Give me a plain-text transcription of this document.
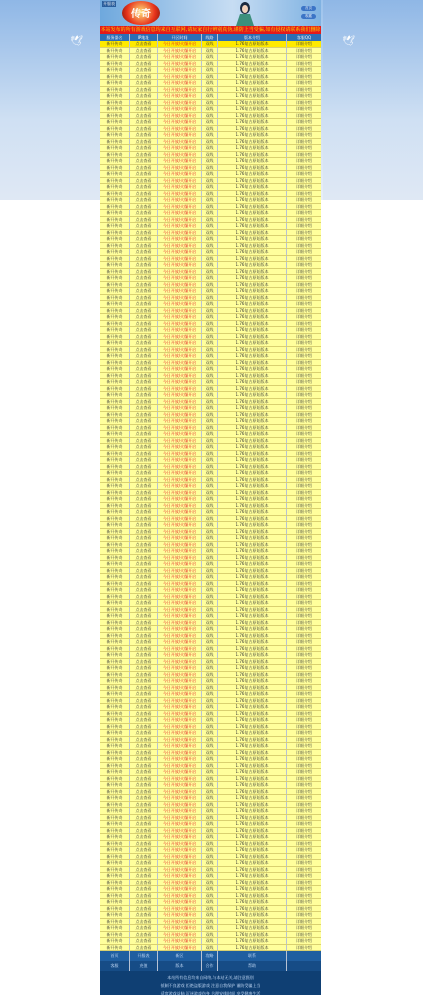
🕊	🕊
开服表
传奇
首页
收藏
本站发布的所有游戏信息均来自互联网,请玩家自行辨别真伪,谨防上当受骗,如有侵权请联系我们删除
服务器名	IP地址	开区时间	线路	版本介绍	客服QQ
新开传奇	点击查看	今日开放/火爆开启	双线	1.76复古原始版本	详细介绍
新开传奇	点击查看	今日开放/火爆开启	双线	1.76复古原始版本	详细介绍
新开传奇	点击查看	今日开放/火爆开启	双线	1.76复古原始版本	详细介绍
新开传奇	点击查看	今日开放/火爆开启	双线	1.76复古原始版本	详细介绍
新开传奇	点击查看	今日开放/火爆开启	双线	1.76复古原始版本	详细介绍
新开传奇	点击查看	今日开放/火爆开启	双线	1.76复古原始版本	详细介绍
新开传奇	点击查看	今日开放/火爆开启	双线	1.76复古原始版本	详细介绍
新开传奇	点击查看	今日开放/火爆开启	双线	1.76复古原始版本	详细介绍
新开传奇	点击查看	今日开放/火爆开启	双线	1.76复古原始版本	详细介绍
新开传奇	点击查看	今日开放/火爆开启	双线	1.76复古原始版本	详细介绍
新开传奇	点击查看	今日开放/火爆开启	双线	1.76复古原始版本	详细介绍
新开传奇	点击查看	今日开放/火爆开启	双线	1.76复古原始版本	详细介绍
新开传奇	点击查看	今日开放/火爆开启	双线	1.76复古原始版本	详细介绍
新开传奇	点击查看	今日开放/火爆开启	双线	1.76复古原始版本	详细介绍
新开传奇	点击查看	今日开放/火爆开启	双线	1.76复古原始版本	详细介绍
新开传奇	点击查看	今日开放/火爆开启	双线	1.76复古原始版本	详细介绍
新开传奇	点击查看	今日开放/火爆开启	双线	1.76复古原始版本	详细介绍
新开传奇	点击查看	今日开放/火爆开启	双线	1.76复古原始版本	详细介绍
新开传奇	点击查看	今日开放/火爆开启	双线	1.76复古原始版本	详细介绍
新开传奇	点击查看	今日开放/火爆开启	双线	1.76复古原始版本	详细介绍
新开传奇	点击查看	今日开放/火爆开启	双线	1.76复古原始版本	详细介绍
新开传奇	点击查看	今日开放/火爆开启	双线	1.76复古原始版本	详细介绍
新开传奇	点击查看	今日开放/火爆开启	双线	1.76复古原始版本	详细介绍
新开传奇	点击查看	今日开放/火爆开启	双线	1.76复古原始版本	详细介绍
新开传奇	点击查看	今日开放/火爆开启	双线	1.76复古原始版本	详细介绍
新开传奇	点击查看	今日开放/火爆开启	双线	1.76复古原始版本	详细介绍
新开传奇	点击查看	今日开放/火爆开启	双线	1.76复古原始版本	详细介绍
新开传奇	点击查看	今日开放/火爆开启	双线	1.76复古原始版本	详细介绍
新开传奇	点击查看	今日开放/火爆开启	双线	1.76复古原始版本	详细介绍
新开传奇	点击查看	今日开放/火爆开启	双线	1.76复古原始版本	详细介绍
新开传奇	点击查看	今日开放/火爆开启	双线	1.76复古原始版本	详细介绍
新开传奇	点击查看	今日开放/火爆开启	双线	1.76复古原始版本	详细介绍
新开传奇	点击查看	今日开放/火爆开启	双线	1.76复古原始版本	详细介绍
新开传奇	点击查看	今日开放/火爆开启	双线	1.76复古原始版本	详细介绍
新开传奇	点击查看	今日开放/火爆开启	双线	1.76复古原始版本	详细介绍
新开传奇	点击查看	今日开放/火爆开启	双线	1.76复古原始版本	详细介绍
新开传奇	点击查看	今日开放/火爆开启	双线	1.76复古原始版本	详细介绍
新开传奇	点击查看	今日开放/火爆开启	双线	1.76复古原始版本	详细介绍
新开传奇	点击查看	今日开放/火爆开启	双线	1.76复古原始版本	详细介绍
新开传奇	点击查看	今日开放/火爆开启	双线	1.76复古原始版本	详细介绍
新开传奇	点击查看	今日开放/火爆开启	双线	1.76复古原始版本	详细介绍
新开传奇	点击查看	今日开放/火爆开启	双线	1.76复古原始版本	详细介绍
新开传奇	点击查看	今日开放/火爆开启	双线	1.76复古原始版本	详细介绍
新开传奇	点击查看	今日开放/火爆开启	双线	1.76复古原始版本	详细介绍
新开传奇	点击查看	今日开放/火爆开启	双线	1.76复古原始版本	详细介绍
新开传奇	点击查看	今日开放/火爆开启	双线	1.76复古原始版本	详细介绍
新开传奇	点击查看	今日开放/火爆开启	双线	1.76复古原始版本	详细介绍
新开传奇	点击查看	今日开放/火爆开启	双线	1.76复古原始版本	详细介绍
新开传奇	点击查看	今日开放/火爆开启	双线	1.76复古原始版本	详细介绍
新开传奇	点击查看	今日开放/火爆开启	双线	1.76复古原始版本	详细介绍
新开传奇	点击查看	今日开放/火爆开启	双线	1.76复古原始版本	详细介绍
新开传奇	点击查看	今日开放/火爆开启	双线	1.76复古原始版本	详细介绍
新开传奇	点击查看	今日开放/火爆开启	双线	1.76复古原始版本	详细介绍
新开传奇	点击查看	今日开放/火爆开启	双线	1.76复古原始版本	详细介绍
新开传奇	点击查看	今日开放/火爆开启	双线	1.76复古原始版本	详细介绍
新开传奇	点击查看	今日开放/火爆开启	双线	1.76复古原始版本	详细介绍
新开传奇	点击查看	今日开放/火爆开启	双线	1.76复古原始版本	详细介绍
新开传奇	点击查看	今日开放/火爆开启	双线	1.76复古原始版本	详细介绍
新开传奇	点击查看	今日开放/火爆开启	双线	1.76复古原始版本	详细介绍
新开传奇	点击查看	今日开放/火爆开启	双线	1.76复古原始版本	详细介绍
新开传奇	点击查看	今日开放/火爆开启	双线	1.76复古原始版本	详细介绍
新开传奇	点击查看	今日开放/火爆开启	双线	1.76复古原始版本	详细介绍
新开传奇	点击查看	今日开放/火爆开启	双线	1.76复古原始版本	详细介绍
新开传奇	点击查看	今日开放/火爆开启	双线	1.76复古原始版本	详细介绍
新开传奇	点击查看	今日开放/火爆开启	双线	1.76复古原始版本	详细介绍
新开传奇	点击查看	今日开放/火爆开启	双线	1.76复古原始版本	详细介绍
新开传奇	点击查看	今日开放/火爆开启	双线	1.76复古原始版本	详细介绍
新开传奇	点击查看	今日开放/火爆开启	双线	1.76复古原始版本	详细介绍
新开传奇	点击查看	今日开放/火爆开启	双线	1.76复古原始版本	详细介绍
新开传奇	点击查看	今日开放/火爆开启	双线	1.76复古原始版本	详细介绍
新开传奇	点击查看	今日开放/火爆开启	双线	1.76复古原始版本	详细介绍
新开传奇	点击查看	今日开放/火爆开启	双线	1.76复古原始版本	详细介绍
新开传奇	点击查看	今日开放/火爆开启	双线	1.76复古原始版本	详细介绍
新开传奇	点击查看	今日开放/火爆开启	双线	1.76复古原始版本	详细介绍
新开传奇	点击查看	今日开放/火爆开启	双线	1.76复古原始版本	详细介绍
新开传奇	点击查看	今日开放/火爆开启	双线	1.76复古原始版本	详细介绍
新开传奇	点击查看	今日开放/火爆开启	双线	1.76复古原始版本	详细介绍
新开传奇	点击查看	今日开放/火爆开启	双线	1.76复古原始版本	详细介绍
新开传奇	点击查看	今日开放/火爆开启	双线	1.76复古原始版本	详细介绍
新开传奇	点击查看	今日开放/火爆开启	双线	1.76复古原始版本	详细介绍
新开传奇	点击查看	今日开放/火爆开启	双线	1.76复古原始版本	详细介绍
新开传奇	点击查看	今日开放/火爆开启	双线	1.76复古原始版本	详细介绍
新开传奇	点击查看	今日开放/火爆开启	双线	1.76复古原始版本	详细介绍
新开传奇	点击查看	今日开放/火爆开启	双线	1.76复古原始版本	详细介绍
新开传奇	点击查看	今日开放/火爆开启	双线	1.76复古原始版本	详细介绍
新开传奇	点击查看	今日开放/火爆开启	双线	1.76复古原始版本	详细介绍
新开传奇	点击查看	今日开放/火爆开启	双线	1.76复古原始版本	详细介绍
新开传奇	点击查看	今日开放/火爆开启	双线	1.76复古原始版本	详细介绍
新开传奇	点击查看	今日开放/火爆开启	双线	1.76复古原始版本	详细介绍
新开传奇	点击查看	今日开放/火爆开启	双线	1.76复古原始版本	详细介绍
新开传奇	点击查看	今日开放/火爆开启	双线	1.76复古原始版本	详细介绍
新开传奇	点击查看	今日开放/火爆开启	双线	1.76复古原始版本	详细介绍
新开传奇	点击查看	今日开放/火爆开启	双线	1.76复古原始版本	详细介绍
新开传奇	点击查看	今日开放/火爆开启	双线	1.76复古原始版本	详细介绍
新开传奇	点击查看	今日开放/火爆开启	双线	1.76复古原始版本	详细介绍
新开传奇	点击查看	今日开放/火爆开启	双线	1.76复古原始版本	详细介绍
新开传奇	点击查看	今日开放/火爆开启	双线	1.76复古原始版本	详细介绍
新开传奇	点击查看	今日开放/火爆开启	双线	1.76复古原始版本	详细介绍
新开传奇	点击查看	今日开放/火爆开启	双线	1.76复古原始版本	详细介绍
新开传奇	点击查看	今日开放/火爆开启	双线	1.76复古原始版本	详细介绍
新开传奇	点击查看	今日开放/火爆开启	双线	1.76复古原始版本	详细介绍
新开传奇	点击查看	今日开放/火爆开启	双线	1.76复古原始版本	详细介绍
新开传奇	点击查看	今日开放/火爆开启	双线	1.76复古原始版本	详细介绍
新开传奇	点击查看	今日开放/火爆开启	双线	1.76复古原始版本	详细介绍
新开传奇	点击查看	今日开放/火爆开启	双线	1.76复古原始版本	详细介绍
新开传奇	点击查看	今日开放/火爆开启	双线	1.76复古原始版本	详细介绍
新开传奇	点击查看	今日开放/火爆开启	双线	1.76复古原始版本	详细介绍
新开传奇	点击查看	今日开放/火爆开启	双线	1.76复古原始版本	详细介绍
新开传奇	点击查看	今日开放/火爆开启	双线	1.76复古原始版本	详细介绍
新开传奇	点击查看	今日开放/火爆开启	双线	1.76复古原始版本	详细介绍
新开传奇	点击查看	今日开放/火爆开启	双线	1.76复古原始版本	详细介绍
新开传奇	点击查看	今日开放/火爆开启	双线	1.76复古原始版本	详细介绍
新开传奇	点击查看	今日开放/火爆开启	双线	1.76复古原始版本	详细介绍
新开传奇	点击查看	今日开放/火爆开启	双线	1.76复古原始版本	详细介绍
新开传奇	点击查看	今日开放/火爆开启	双线	1.76复古原始版本	详细介绍
新开传奇	点击查看	今日开放/火爆开启	双线	1.76复古原始版本	详细介绍
新开传奇	点击查看	今日开放/火爆开启	双线	1.76复古原始版本	详细介绍
新开传奇	点击查看	今日开放/火爆开启	双线	1.76复古原始版本	详细介绍
新开传奇	点击查看	今日开放/火爆开启	双线	1.76复古原始版本	详细介绍
新开传奇	点击查看	今日开放/火爆开启	双线	1.76复古原始版本	详细介绍
新开传奇	点击查看	今日开放/火爆开启	双线	1.76复古原始版本	详细介绍
新开传奇	点击查看	今日开放/火爆开启	双线	1.76复古原始版本	详细介绍
新开传奇	点击查看	今日开放/火爆开启	双线	1.76复古原始版本	详细介绍
新开传奇	点击查看	今日开放/火爆开启	双线	1.76复古原始版本	详细介绍
新开传奇	点击查看	今日开放/火爆开启	双线	1.76复古原始版本	详细介绍
新开传奇	点击查看	今日开放/火爆开启	双线	1.76复古原始版本	详细介绍
新开传奇	点击查看	今日开放/火爆开启	双线	1.76复古原始版本	详细介绍
新开传奇	点击查看	今日开放/火爆开启	双线	1.76复古原始版本	详细介绍
新开传奇	点击查看	今日开放/火爆开启	双线	1.76复古原始版本	详细介绍
新开传奇	点击查看	今日开放/火爆开启	双线	1.76复古原始版本	详细介绍
新开传奇	点击查看	今日开放/火爆开启	双线	1.76复古原始版本	详细介绍
新开传奇	点击查看	今日开放/火爆开启	双线	1.76复古原始版本	详细介绍
新开传奇	点击查看	今日开放/火爆开启	双线	1.76复古原始版本	详细介绍
新开传奇	点击查看	今日开放/火爆开启	双线	1.76复古原始版本	详细介绍
新开传奇	点击查看	今日开放/火爆开启	双线	1.76复古原始版本	详细介绍
新开传奇	点击查看	今日开放/火爆开启	双线	1.76复古原始版本	详细介绍
新开传奇	点击查看	今日开放/火爆开启	双线	1.76复古原始版本	详细介绍
新开传奇	点击查看	今日开放/火爆开启	双线	1.76复古原始版本	详细介绍
新开传奇	点击查看	今日开放/火爆开启	双线	1.76复古原始版本	详细介绍
新开传奇	点击查看	今日开放/火爆开启	双线	1.76复古原始版本	详细介绍
首页	开服表	新区	攻略	联系
客服	充值	版本	合作	帮助
本站所有信息均来自网络,与本站无关,请注意甄别
抵制不良游戏 拒绝盗版游戏 注意自我保护 谨防受骗上当
适度游戏益脑 沉迷游戏伤身 合理安排时间 享受健康生活
